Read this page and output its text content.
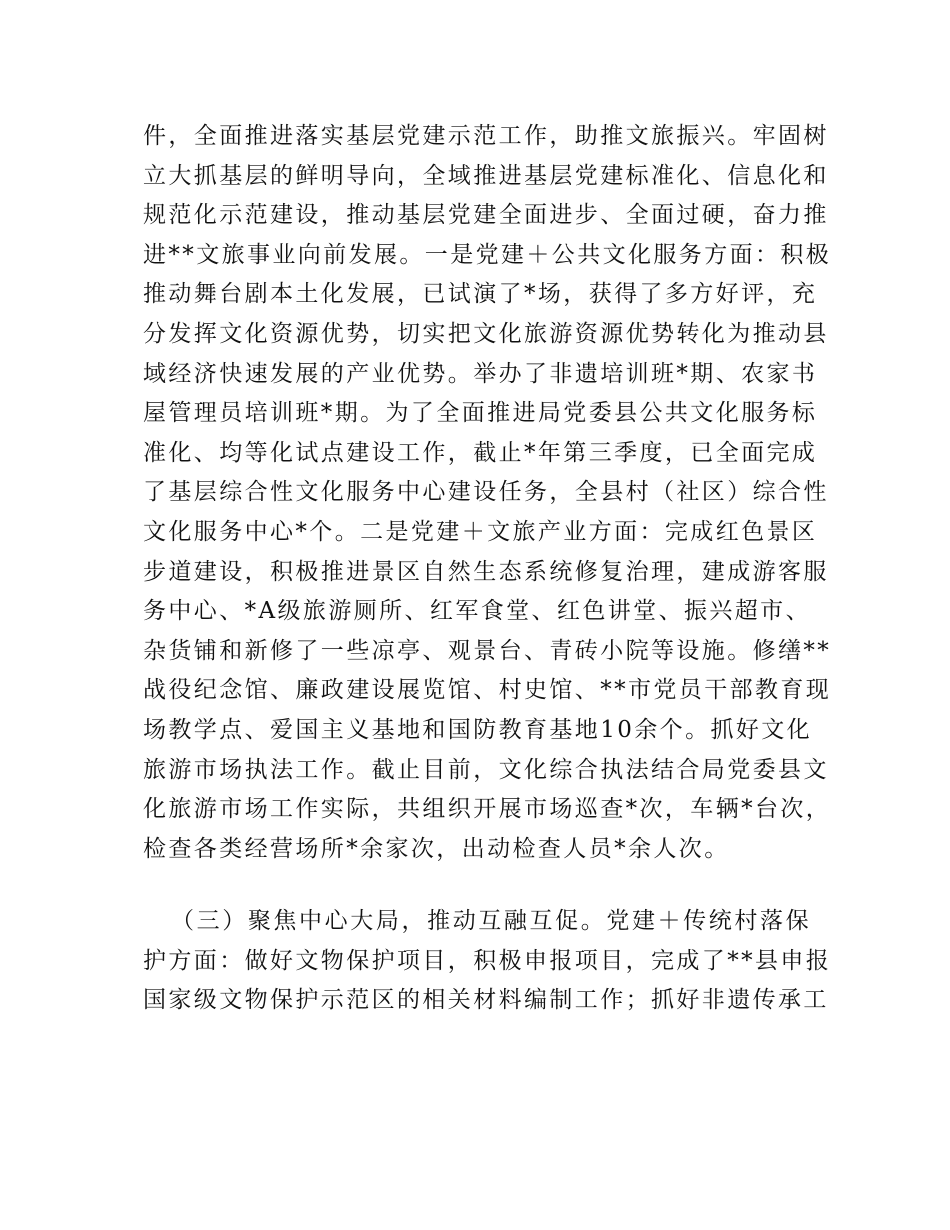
件，全面推进落实基层党建示范工作，助推文旅振兴。牢固树
立大抓基层的鲜明导向，全域推进基层党建标准化、信息化和
规范化示范建设，推动基层党建全面进步、全面过硬，奋力推
进**文旅事业向前发展。一是党建＋公共文化服务方面：积极
推动舞台剧本土化发展，已试演了*场，获得了多方好评，充
分发挥文化资源优势，切实把文化旅游资源优势转化为推动县
域经济快速发展的产业优势。举办了非遗培训班*期、农家书
屋管理员培训班*期。为了全面推进局党委县公共文化服务标
准化、均等化试点建设工作，截止*年第三季度，已全面完成
了基层综合性文化服务中心建设任务，全县村（社区）综合性
文化服务中心*个。二是党建＋文旅产业方面：完成红色景区
步道建设，积极推进景区自然生态系统修复治理，建成游客服
务中心、*A级旅游厕所、红军食堂、红色讲堂、振兴超市、
杂货铺和新修了一些凉亭、观景台、青砖小院等设施。修缮**
战役纪念馆、廉政建设展览馆、村史馆、**市党员干部教育现
场教学点、爱国主义基地和国防教育基地10余个。抓好文化
旅游市场执法工作。截止目前，文化综合执法结合局党委县文
化旅游市场工作实际，共组织开展市场巡查*次，车辆*台次，
检查各类经营场所*余家次，出动检查人员*余人次。
（三）聚焦中心大局，推动互融互促。党建＋传统村落保
护方面：做好文物保护项目，积极申报项目，完成了**县申报
国家级文物保护示范区的相关材料编制工作；抓好非遗传承工
